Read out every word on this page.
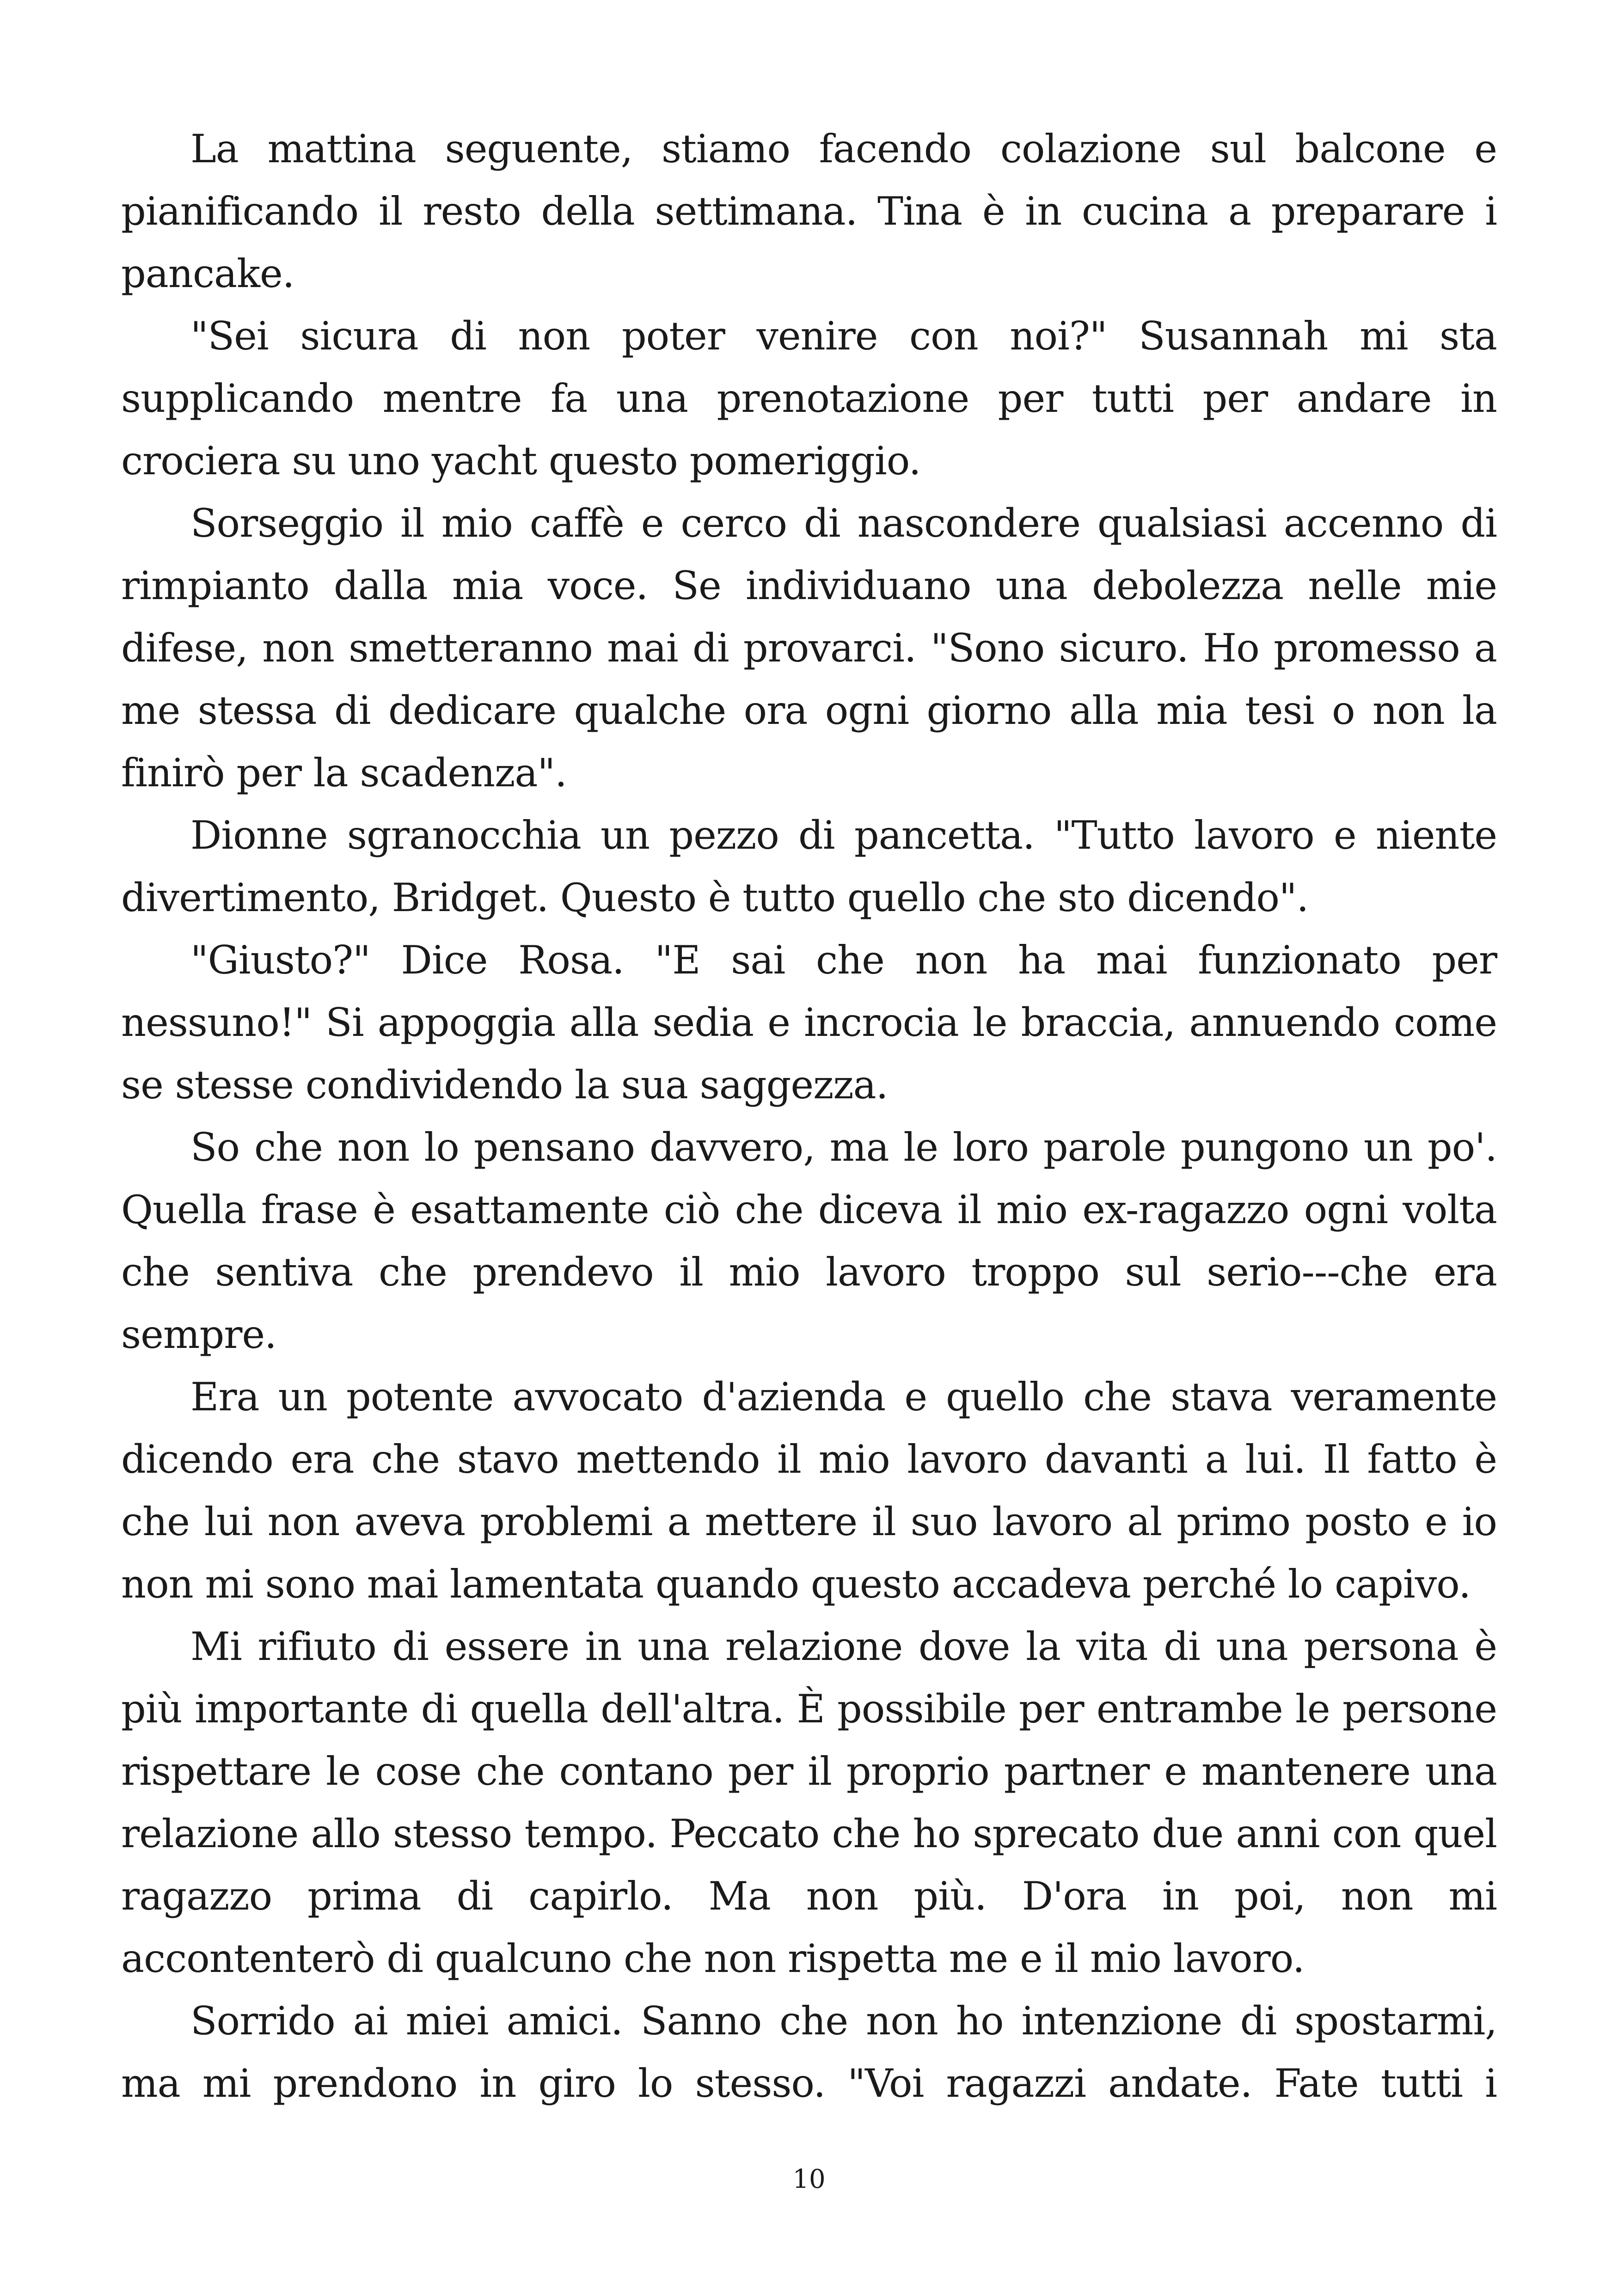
La mattina seguente, stiamo facendo colazione sul balcone e pianificando il resto della settimana. Tina è in cucina a preparare i pancake.

"Sei sicura di non poter venire con noi?" Susannah mi sta supplicando mentre fa una prenotazione per tutti per andare in crociera su uno yacht questo pomeriggio.

Sorseggio il mio caffè e cerco di nascondere qualsiasi accenno di rimpianto dalla mia voce. Se individuano una debolezza nelle mie difese, non smetteranno mai di provarci. "Sono sicuro. Ho promesso a me stessa di dedicare qualche ora ogni giorno alla mia tesi o non la finirò per la scadenza".

Dionne sgranocchia un pezzo di pancetta. "Tutto lavoro e niente divertimento, Bridget. Questo è tutto quello che sto dicendo".

"Giusto?" Dice Rosa. "E sai che non ha mai funzionato per nessuno!" Si appoggia alla sedia e incrocia le braccia, annuendo come se stesse condividendo la sua saggezza.

So che non lo pensano davvero, ma le loro parole pungono un po'. Quella frase è esattamente ciò che diceva il mio ex-ragazzo ogni volta che sentiva che prendevo il mio lavoro troppo sul serio---che era sempre.

Era un potente avvocato d'azienda e quello che stava veramente dicendo era che stavo mettendo il mio lavoro davanti a lui. Il fatto è che lui non aveva problemi a mettere il suo lavoro al primo posto e io non mi sono mai lamentata quando questo accadeva perché lo capivo.

Mi rifiuto di essere in una relazione dove la vita di una persona è più importante di quella dell'altra. È possibile per entrambe le persone rispettare le cose che contano per il proprio partner e mantenere una relazione allo stesso tempo. Peccato che ho sprecato due anni con quel ragazzo prima di capirlo. Ma non più. D'ora in poi, non mi accontenterò di qualcuno che non rispetta me e il mio lavoro.

Sorrido ai miei amici. Sanno che non ho intenzione di spostarmi, ma mi prendono in giro lo stesso. "Voi ragazzi andate. Fate tutti i

10
